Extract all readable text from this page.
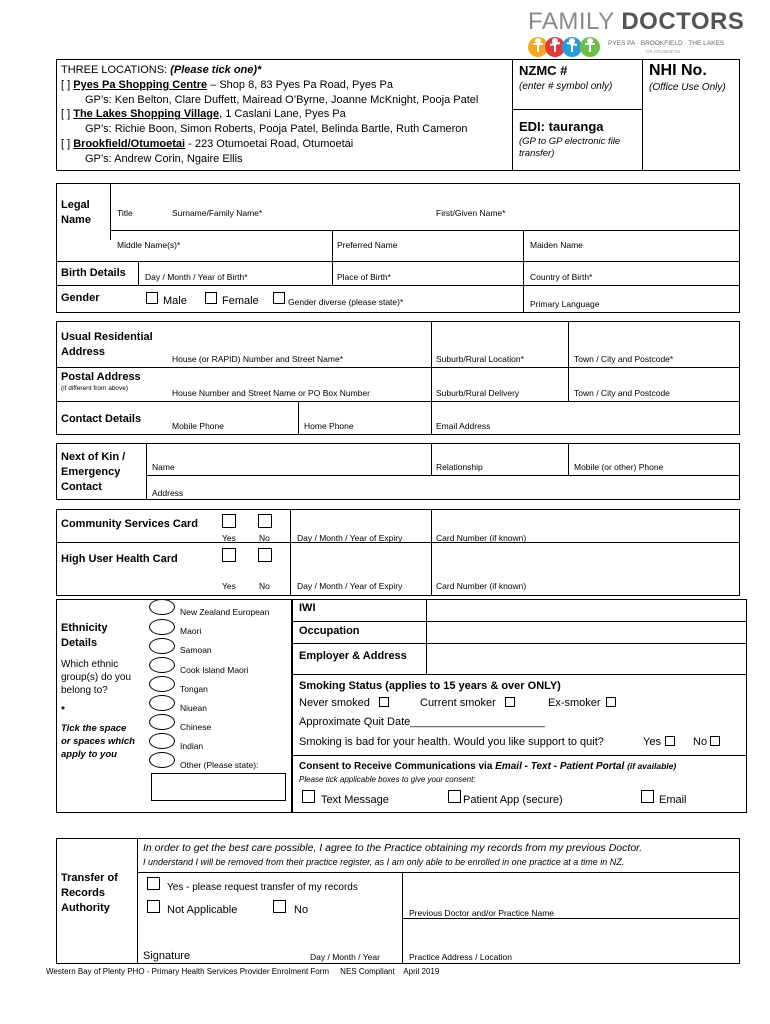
FAMILY DOCTORS
PYES PA · BROOKFIELD · THE LAKES
OR OTUMOETAI
THREE LOCATIONS: (Please tick one)*
[ ] Pyes Pa Shopping Centre – Shop 8, 83 Pyes Pa Road, Pyes Pa
GP’s: Ken Belton, Clare Duffett, Mairead O’Byrne, Joanne McKnight, Pooja Patel
[ ] The Lakes Shopping Village, 1 Caslani Lane, Pyes Pa
GP’s: Richie Boon, Simon Roberts, Pooja Patel, Belinda Bartle, Ruth Cameron
[ ] Brookfield/Otumoetai - 223 Otumoetai Road, Otumoetai
GP’s: Andrew Corin, Ngaire Ellis
NZMC #
(enter # symbol only)
EDI: tauranga
(GP to GP electronic file
transfer)
NHI No.
(Office Use Only)
Legal
Name
Title	Surname/Family Name*	First/Given Name*
Middle Name(s)*	Preferred Name	Maiden Name
Birth Details Day / Month / Year of Birth*	Place of Birth*	Country of Birth*
Gender	Male	Female	Gender diverse (please state)*	Primary Language
Usual Residential
Address
House (or RAPID) Number and Street Name*	Suburb/Rural Location*	Town / City and Postcode*
Postal Address
(if different from above)	House Number and Street Name or PO Box Number	Suburb/Rural Delivery	Town / City and Postcode
Contact Details
Mobile Phone	Home Phone	Email Address
Next of Kin /
Emergency
Contact
Name	Relationship	Mobile (or other) Phone
Address
Community Services Card
Yes	No	Day / Month / Year of Expiry	Card Number (if known)
High User Health Card
Yes	No	Day / Month / Year of Expiry	Card Number (if known)
Ethnicity
Details
Which ethnic
group(s) do you
belong to?
*
Tick the space
or spaces which
apply to you
New Zealand European
Maori
Samoan
Cook Island Maori
Tongan
Niuean
Chinese
Indian
Other (Please state):
IWI
Occupation
Employer & Address
Smoking Status (applies to 15 years & over ONLY)
Never smoked	Current smoker	Ex-smoker
Approximate Quit Date______________________
Smoking is bad for your health. Would you like support to quit?	Yes	No
Consent to Receive Communications via Email - Text - Patient Portal (if available)
Please tick applicable boxes to give your consent:
Text Message	Patient App (secure)	Email
In order to get the best care possible, I agree to the Practice obtaining my records from my previous Doctor.
I understand I will be removed from their practice register, as I am only able to be enrolled in one practice at a time in NZ.
Transfer of
Records
Authority
Yes - please request transfer of my records
Not Applicable	No	Previous Doctor and/or Practice Name
Signature	Day / Month / Year	Practice Address / Location
Western Bay of Plenty PHO - Primary Health Services Provider Enrolment Form     NES Compliant    April 2019
